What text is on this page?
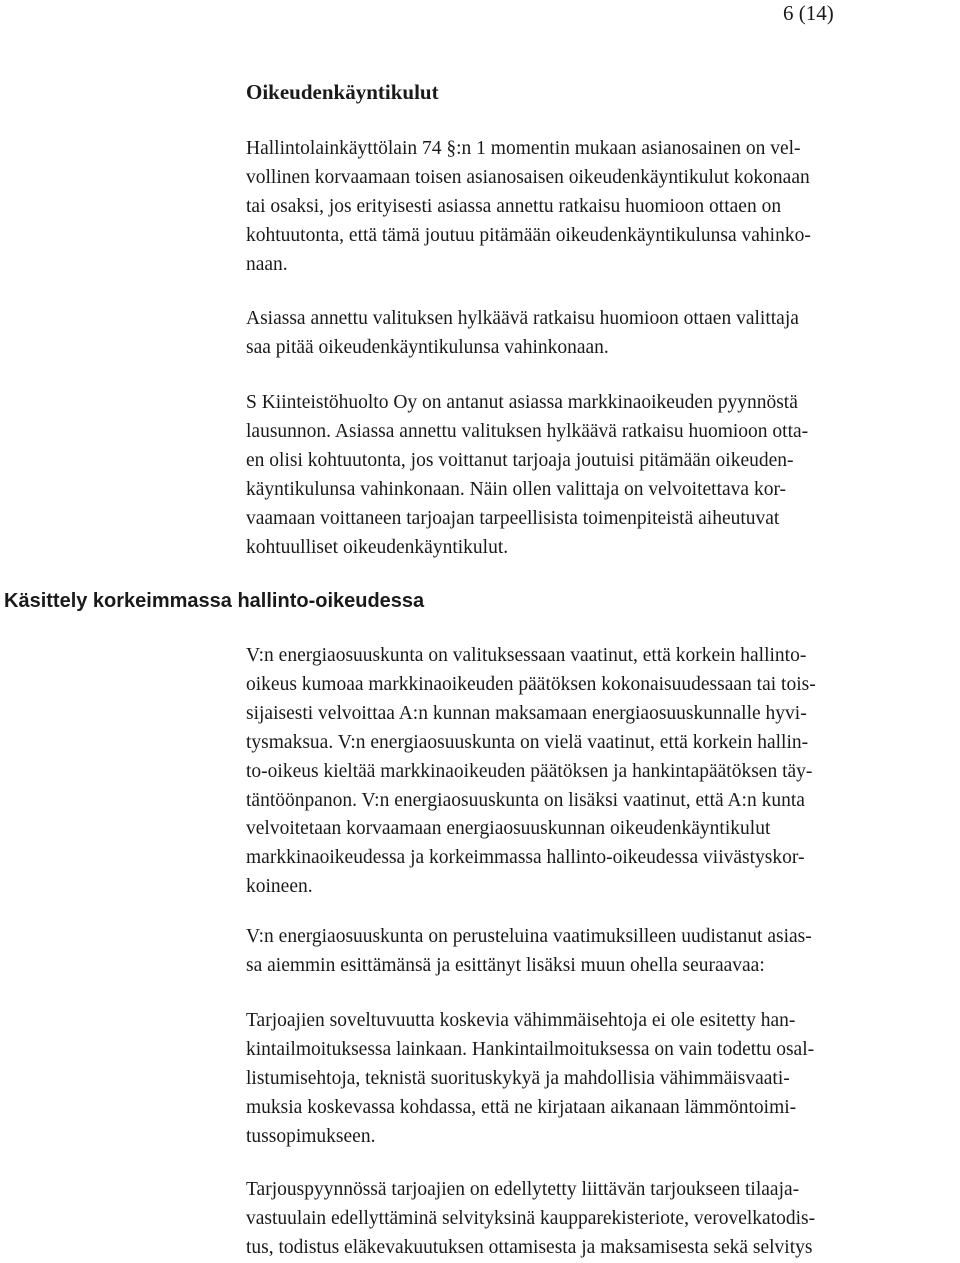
6 (14)
Oikeudenkäyntikulut
Käsittely korkeimmassa hallinto-oikeudessa
Hallintolainkäyttölain 74 §:n 1 momentin mukaan asianosainen on vel-
vollinen korvaamaan toisen asianosaisen oikeudenkäyntikulut kokonaan
tai osaksi, jos erityisesti asiassa annettu ratkaisu huomioon ottaen on
kohtuutonta, että tämä joutuu pitämään oikeudenkäyntikulunsa vahinko-
naan.
Asiassa annettu valituksen hylkäävä ratkaisu huomioon ottaen valittaja
saa pitää oikeudenkäyntikulunsa vahinkonaan.
S Kiinteistöhuolto Oy on antanut asiassa markkinaoikeuden pyynnöstä
lausunnon. Asiassa annettu valituksen hylkäävä ratkaisu huomioon otta-
en olisi kohtuutonta, jos voittanut tarjoaja joutuisi pitämään oikeuden-
käyntikulunsa vahinkonaan. Näin ollen valittaja on velvoitettava kor-
vaamaan voittaneen tarjoajan tarpeellisista toimenpiteistä aiheutuvat
kohtuulliset oikeudenkäyntikulut.
V:n energiaosuuskunta on valituksessaan vaatinut, että korkein hallinto-
oikeus kumoaa markkinaoikeuden päätöksen kokonaisuudessaan tai tois-
sijaisesti velvoittaa A:n kunnan maksamaan energiaosuuskunnalle hyvi-
tysmaksua. V:n energiaosuuskunta on vielä vaatinut, että korkein hallin-
to-oikeus kieltää markkinaoikeuden päätöksen ja hankintapäätöksen täy-
täntöönpanon. V:n energiaosuuskunta on lisäksi vaatinut, että A:n kunta
velvoitetaan korvaamaan energiaosuuskunnan oikeudenkäyntikulut
markkinaoikeudessa ja korkeimmassa hallinto-oikeudessa viivästyskor-
koineen.
V:n energiaosuuskunta on perusteluina vaatimuksilleen uudistanut asias-
sa aiemmin esittämänsä ja esittänyt lisäksi muun ohella seuraavaa:
Tarjoajien soveltuvuutta koskevia vähimmäisehtoja ei ole esitetty han-
kintailmoituksessa lainkaan. Hankintailmoituksessa on vain todettu osal-
listumisehtoja, teknistä suorituskykyä ja mahdollisia vähimmäisvaati-
muksia koskevassa kohdassa, että ne kirjataan aikanaan lämmöntoimi-
tussopimukseen.
Tarjouspyynnössä tarjoajien on edellytetty liittävän tarjoukseen tilaaja-
vastuulain edellyttäminä selvityksinä kaupparekisteriote, verovelkatodis-
tus, todistus eläkevakuutuksen ottamisesta ja maksamisesta sekä selvitys
